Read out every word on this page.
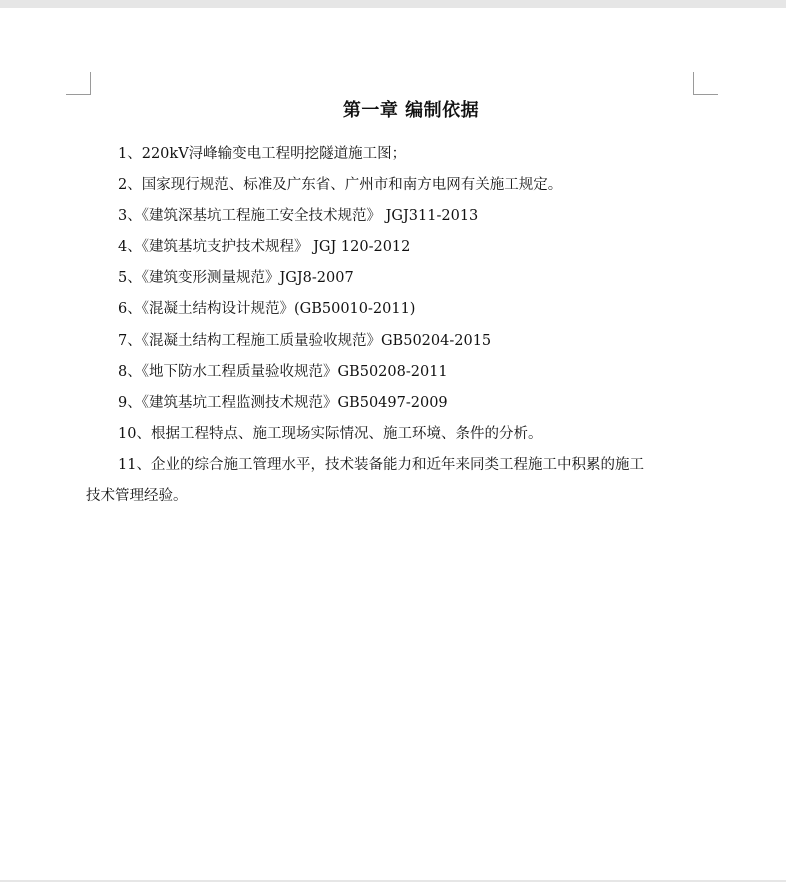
第一章 编制依据

1、220kV浔峰输变电工程明挖隧道施工图；

2、国家现行规范、标准及广东省、广州市和南方电网有关施工规定。

3、《建筑深基坑工程施工安全技术规范》 JGJ311-2013

4、《建筑基坑支护技术规程》 JGJ 120-2012

5、《建筑变形测量规范》JGJ8-2007

6、《混凝土结构设计规范》(GB50010-2011)

7、《混凝土结构工程施工质量验收规范》GB50204-2015

8、《地下防水工程质量验收规范》GB50208-2011

9、《建筑基坑工程监测技术规范》GB50497-2009

10、根据工程特点、施工现场实际情况、施工环境、条件的分析。

11、企业的综合施工管理水平，技术装备能力和近年来同类工程施工中积累的施工

技术管理经验。
